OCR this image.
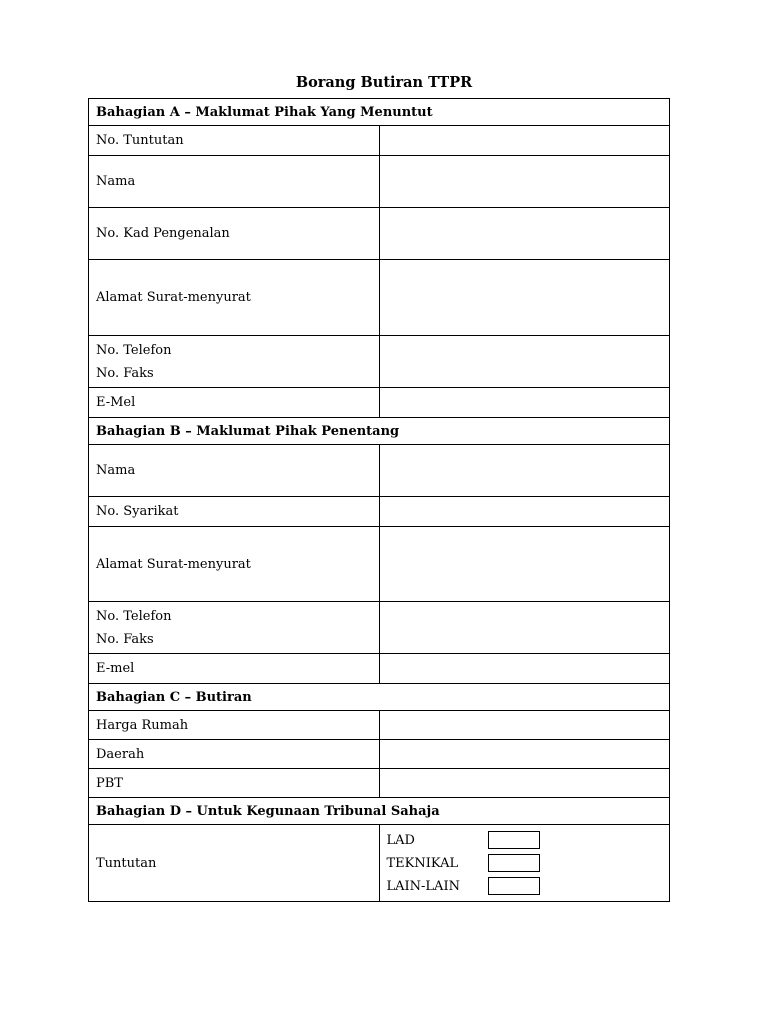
Borang Butiran TTPR
Bahagian A – Maklumat Pihak Yang Menuntut	
No. Tuntutan	
Nama	
No. Kad Pengenalan	
Alamat Surat-menyurat	

No. Telefon
No. Faks	

E-Mel	
Bahagian B – Maklumat Pihak Penentang	
Nama	
No. Syarikat	
Alamat Surat-menyurat	

No. Telefon
No. Faks	

E-mel	
Bahagian C – Butiran	
Harga Rumah	
Daerah	
PBT	
Bahagian D – Untuk Kegunaan Tribunal Sahaja	
Tuntutan	LAD
TEKNIKAL
LAIN-LAIN
